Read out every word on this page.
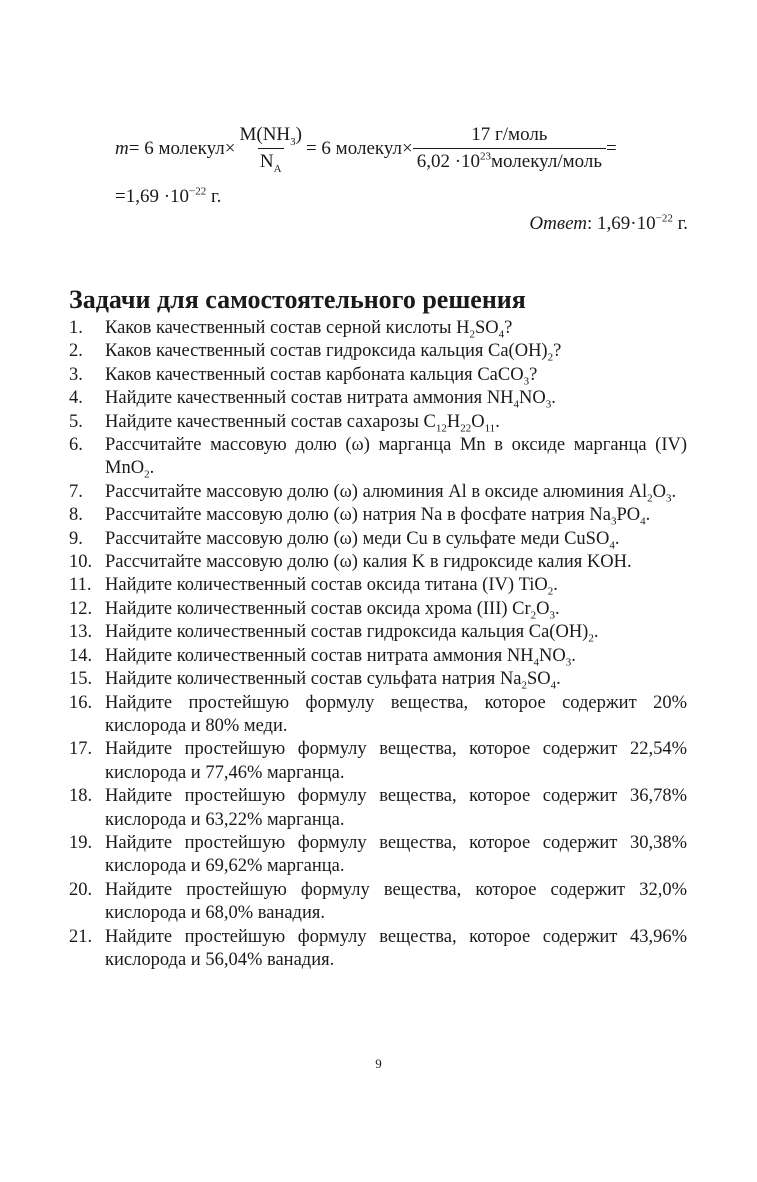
m = 6 молекул× $\frac{M(NH_3)}{N_A} = 6$ молекул× $\frac{\text{17 г/моль}}{6,02 \cdot 10^{23}молекул/моль}$ =
$=1,69 \cdot 10^{-22}$ г.
Ответ: $1,69\cdot 10^{-22}$ г.
Задачи для самостоятельного решения
1.	Каков качественный состав серной кислоты $H_2SO_4$?
2.	Каков качественный состав гидроксида кальция $Ca(OH)_2$?
3.	Каков качественный состав карбоната кальция CaCO$_3$?
4.	Найдите качественный состав нитрата аммония $NH_4NO_3$.
5.	Найдите качественный состав сахарозы $C_{12}H_{22}O_{11}$.
6.	Рассчитайте массовую долю (ω) марганца Mn в оксиде марганца (IV) MnO$_2$.
7.	Рассчитайте массовую долю (ω) алюминия Al в оксиде алюминия $Al_2O_3$.
8.	Рассчитайте массовую долю (ω) натрия Na в фосфате натрия $Na_3PO_4$.
9.	Рассчитайте массовую долю (ω) меди Cu в сульфате меди CuSO$_4$.
10. Рассчитайте массовую долю (ω) калия K в гидроксиде калия KOH.
11. Найдите количественный состав оксида титана (IV) TiO$_2$.
12. Найдите количественный состав оксида хрома (III) $Cr_2O_3$.
13. Найдите количественный состав гидроксида кальция $Ca(OH)_2$.
14. Найдите количественный состав нитрата аммония $NH_4NO_3$.
15. Найдите количественный состав сульфата натрия $Na_2SO_4$.
16. Найдите простейшую формулу вещества, которое содержит 20% кислорода и 80% меди.
17. Найдите простейшую формулу вещества, которое содержит 22,54% кислорода и 77,46% марганца.
18. Найдите простейшую формулу вещества, которое содержит 36,78% кислорода и 63,22% марганца.
19. Найдите простейшую формулу вещества, которое содержит 30,38% кислорода и 69,62% марганца.
20. Найдите простейшую формулу вещества, которое содержит 32,0% кислорода и 68,0% ванадия.
21. Найдите простейшую формулу вещества, которое содержит 43,96% кислорода и 56,04% ванадия.
9
